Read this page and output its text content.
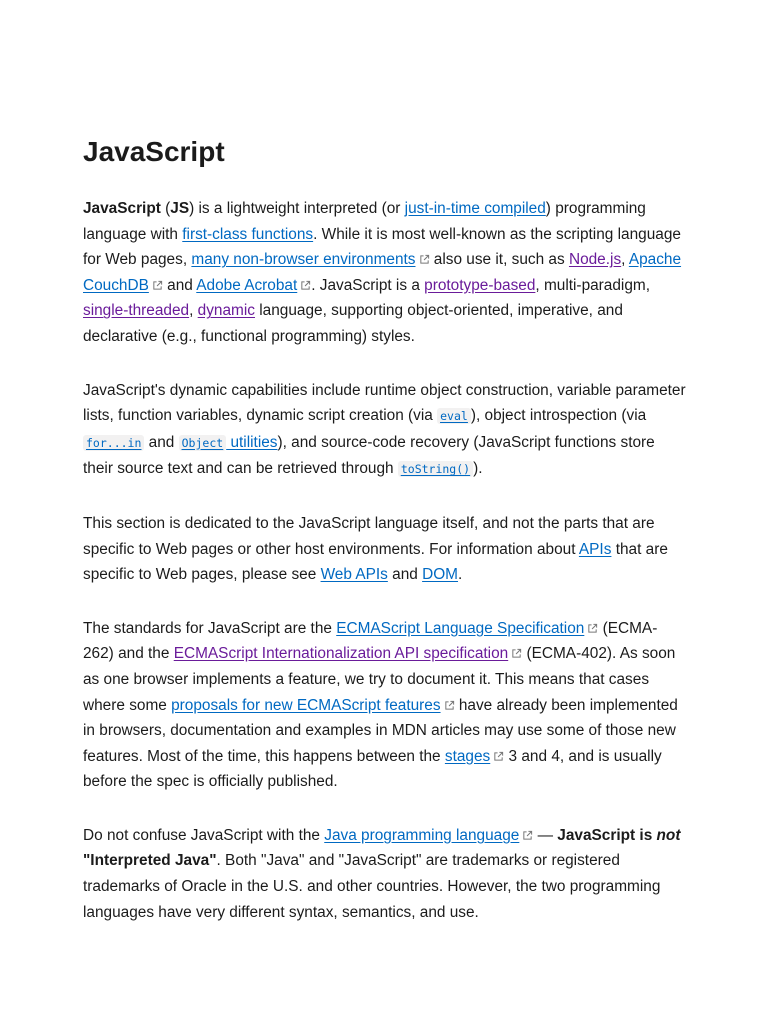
JavaScript

JavaScript (JS) is a lightweight interpreted (or just-in-time compiled) programming language with first-class functions. While it is most well-known as the scripting language for Web pages, many non-browser environments
also use it, such as Node.js, Apache CouchDB
and Adobe Acrobat . JavaScript is a prototype-based, multi-paradigm, single-threaded, dynamic language, supporting object-oriented, imperative, and declarative (e.g., functional programming) styles.

JavaScript's dynamic capabilities include runtime object construction, variable parameter lists, function variables, dynamic script creation (via eval ), object introspection (via for...in and Object utilities), and source-code recovery (JavaScript functions store their source text and can be retrieved through toString() ).

This section is dedicated to the JavaScript language itself, and not the parts that are specific to Web pages or other host environments. For information about APIs that are specific to Web pages, please see Web APIs and DOM.

The standards for JavaScript are the ECMAScript Language Specification
(ECMA-262) and the ECMAScript Internationalization API specification
(ECMA-402). As soon as one browser implements a feature, we try to document it. This means that cases where some proposals for new ECMAScript features
have already been implemented in browsers, documentation and examples in MDN articles may use some of those new features. Most of the time, this happens between the stages
3 and 4, and is usually before the spec is officially published.

Do not confuse JavaScript with the Java programming language
— JavaScript is not "Interpreted Java". Both "Java" and "JavaScript" are trademarks or registered trademarks of Oracle in the U.S. and other countries. However, the two programming languages have very different syntax, semantics, and use.
